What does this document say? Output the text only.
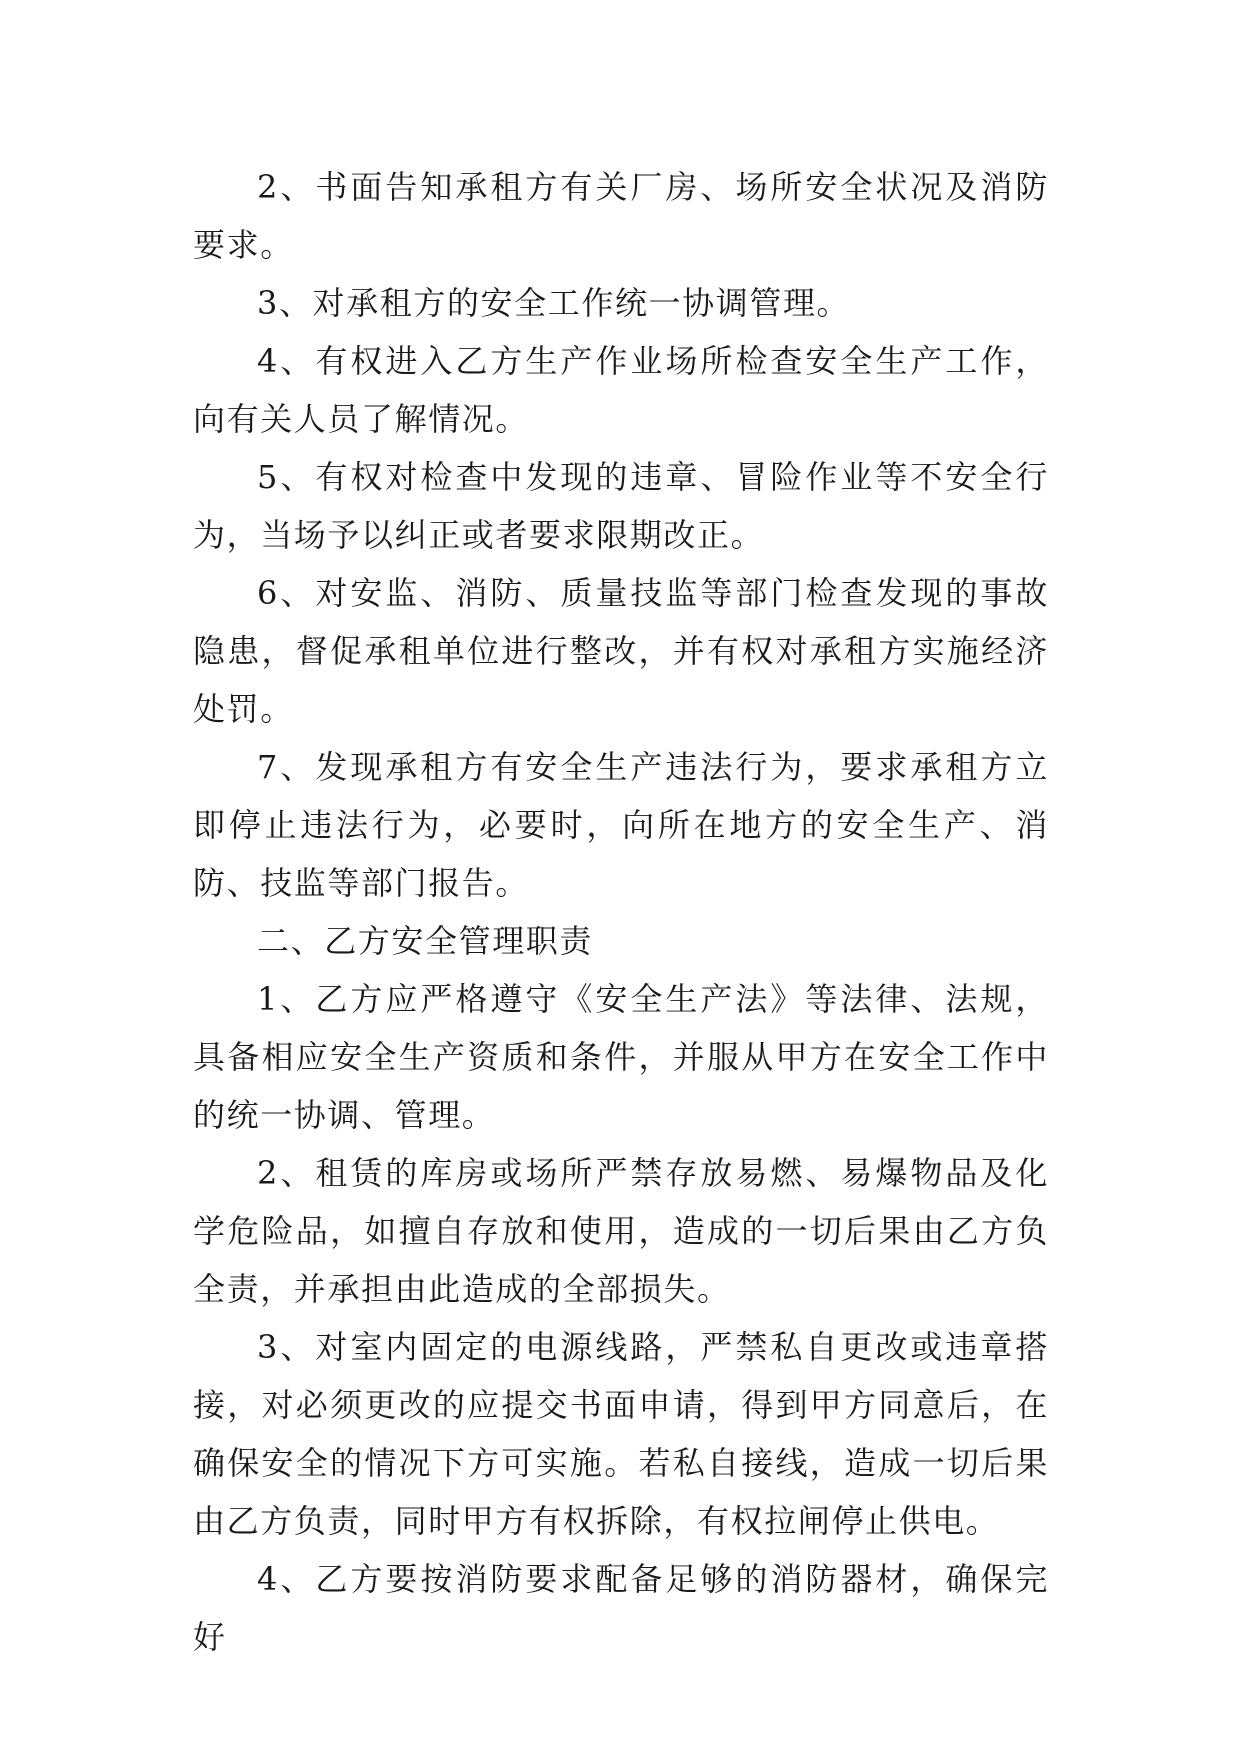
2、书面告知承租方有关厂房、场所安全状况及消防要求。

3、对承租方的安全工作统一协调管理。

4、有权进入乙方生产作业场所检查安全生产工作，向有关人员了解情况。

5、有权对检查中发现的违章、冒险作业等不安全行为，当场予以纠正或者要求限期改正。

6、对安监、消防、质量技监等部门检查发现的事故隐患，督促承租单位进行整改，并有权对承租方实施经济处罚。

7、发现承租方有安全生产违法行为，要求承租方立即停止违法行为，必要时，向所在地方的安全生产、消防、技监等部门报告。

二、乙方安全管理职责

1、乙方应严格遵守《安全生产法》等法律、法规，具备相应安全生产资质和条件，并服从甲方在安全工作中的统一协调、管理。

2、租赁的库房或场所严禁存放易燃、易爆物品及化学危险品，如擅自存放和使用，造成的一切后果由乙方负全责，并承担由此造成的全部损失。

3、对室内固定的电源线路，严禁私自更改或违章搭接，对必须更改的应提交书面申请，得到甲方同意后，在确保安全的情况下方可实施。若私自接线，造成一切后果由乙方负责，同时甲方有权拆除，有权拉闸停止供电。

4、乙方要按消防要求配备足够的消防器材，确保完好
